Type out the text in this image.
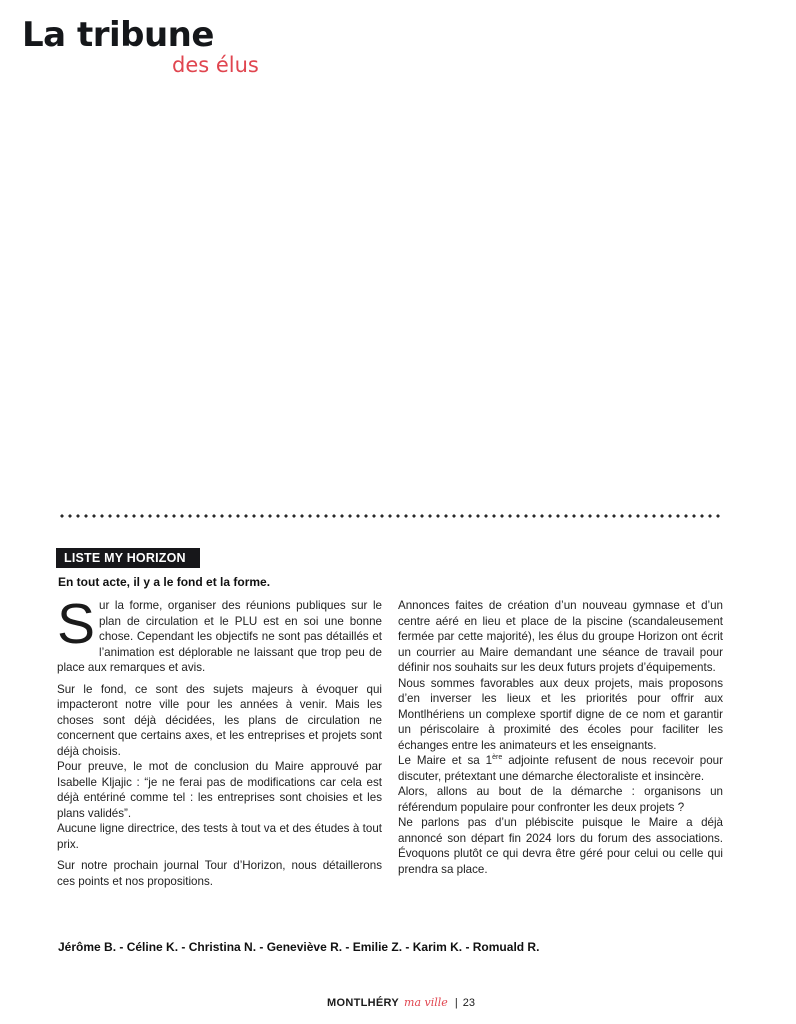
La tribune
des élus
LISTE MY HORIZON
En tout acte, il y a le fond et la forme.

Sur la forme, organiser des réunions publiques sur le plan de circulation et le PLU est en soi une bonne chose. Cependant les objectifs ne sont pas détaillés et l’animation est déplorable ne laissant que trop peu de place aux remarques et avis.

Sur le fond, ce sont des sujets majeurs à évoquer qui impacteront notre ville pour les années à venir. Mais les choses sont déjà décidées, les plans de circulation ne concernent que certains axes, et les entreprises et projets sont déjà choisis.

Pour preuve, le mot de conclusion du Maire approuvé par Isabelle Kljajic : “je ne ferai pas de modifications car cela est déjà entériné comme tel : les entreprises sont choisies et les plans validés”.

Aucune ligne directrice, des tests à tout va et des études à tout prix.

Sur notre prochain journal Tour d’Horizon, nous détaillerons ces points et nos propositions.

Annonces faites de création d’un nouveau gymnase et d’un centre aéré en lieu et place de la piscine (scandaleusement fermée par cette majorité), les élus du groupe Horizon ont écrit un courrier au Maire demandant une séance de travail pour définir nos souhaits sur les deux futurs projets d’équipements.

Nous sommes favorables aux deux projets, mais proposons d’en inverser les lieux et les priorités pour offrir aux Montlhériens un complexe sportif digne de ce nom et garantir un périscolaire à proximité des écoles pour faciliter les échanges entre les animateurs et les enseignants.

Le Maire et sa 1ère adjointe refusent de nous recevoir pour discuter, prétextant une démarche électoraliste et insincère.

Alors, allons au bout de la démarche : organisons un référendum populaire pour confronter les deux projets ?

Ne parlons pas d’un plébiscite puisque le Maire a déjà annoncé son départ fin 2024 lors du forum des associations. Évoquons plutôt ce qui devra être géré pour celui ou celle qui prendra sa place.

Jérôme B. - Céline K. - Christina N. - Geneviève R. - Emilie Z. - Karim K. - Romuald R.
MONTLHÉRY ma ville | 23
